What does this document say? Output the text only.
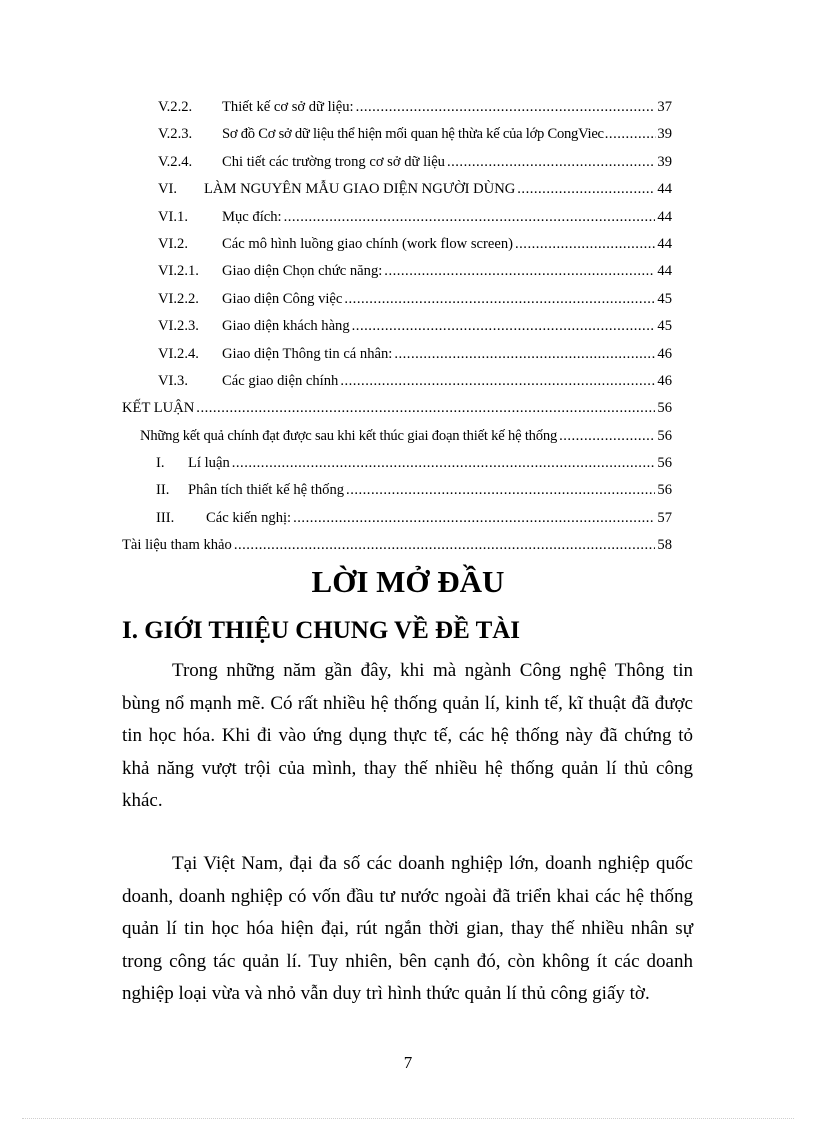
V.2.2.	Thiết kế cơ sở dữ liệu: .....	37
V.2.3.	Sơ đồ Cơ sở dữ liệu thể hiện mối quan hệ thừa kế của lớp CongViec .....	39
V.2.4.	Chi tiết các trường trong cơ sở dữ liệu .....	39
VI.	LÀM NGUYÊN MẪU GIAO DIỆN NGƯỜI DÙNG .....	44
VI.1.	Mục đích: .....	44
VI.2.	Các mô hình luồng giao chính (work flow screen) .....	44
VI.2.1.	Giao diện Chọn chức năng: .....	44
VI.2.2.	Giao diện Công việc .....	45
VI.2.3.	Giao diện khách hàng .....	45
VI.2.4.	Giao diện Thông tin cá nhân: .....	46
VI.3.	Các giao diện chính .....	46
KẾT LUẬN .....	56
Những kết quả chính đạt được sau khi kết thúc giai đoạn thiết kế hệ thống .....	56
I.	Lí luận .....	56
II.	Phân tích thiết kế hệ thống .....	56
III.	Các kiến nghị: .....	57
Tài liệu tham khảo .....	58
LỜI MỞ ĐẦU
I. GIỚI THIỆU CHUNG VỀ ĐỀ TÀI

Trong những năm gần đây, khi mà ngành Công nghệ Thông tin bùng nổ mạnh mẽ. Có rất nhiều hệ thống quản lí, kinh tế, kĩ thuật đã được tin học hóa. Khi đi vào ứng dụng thực tế, các hệ thống này đã chứng tỏ khả năng vượt trội của mình, thay thế nhiều hệ thống quản lí thủ công khác.

Tại Việt Nam, đại đa số các doanh nghiệp lớn, doanh nghiệp quốc doanh, doanh nghiệp có vốn đầu tư nước ngoài đã triển khai các hệ thống quản lí tin học hóa hiện đại, rút ngắn thời gian, thay thế nhiều nhân sự trong công tác quản lí. Tuy nhiên, bên cạnh đó, còn không ít các doanh nghiệp loại vừa và nhỏ vẫn duy trì hình thức quản lí thủ công giấy tờ.

7
